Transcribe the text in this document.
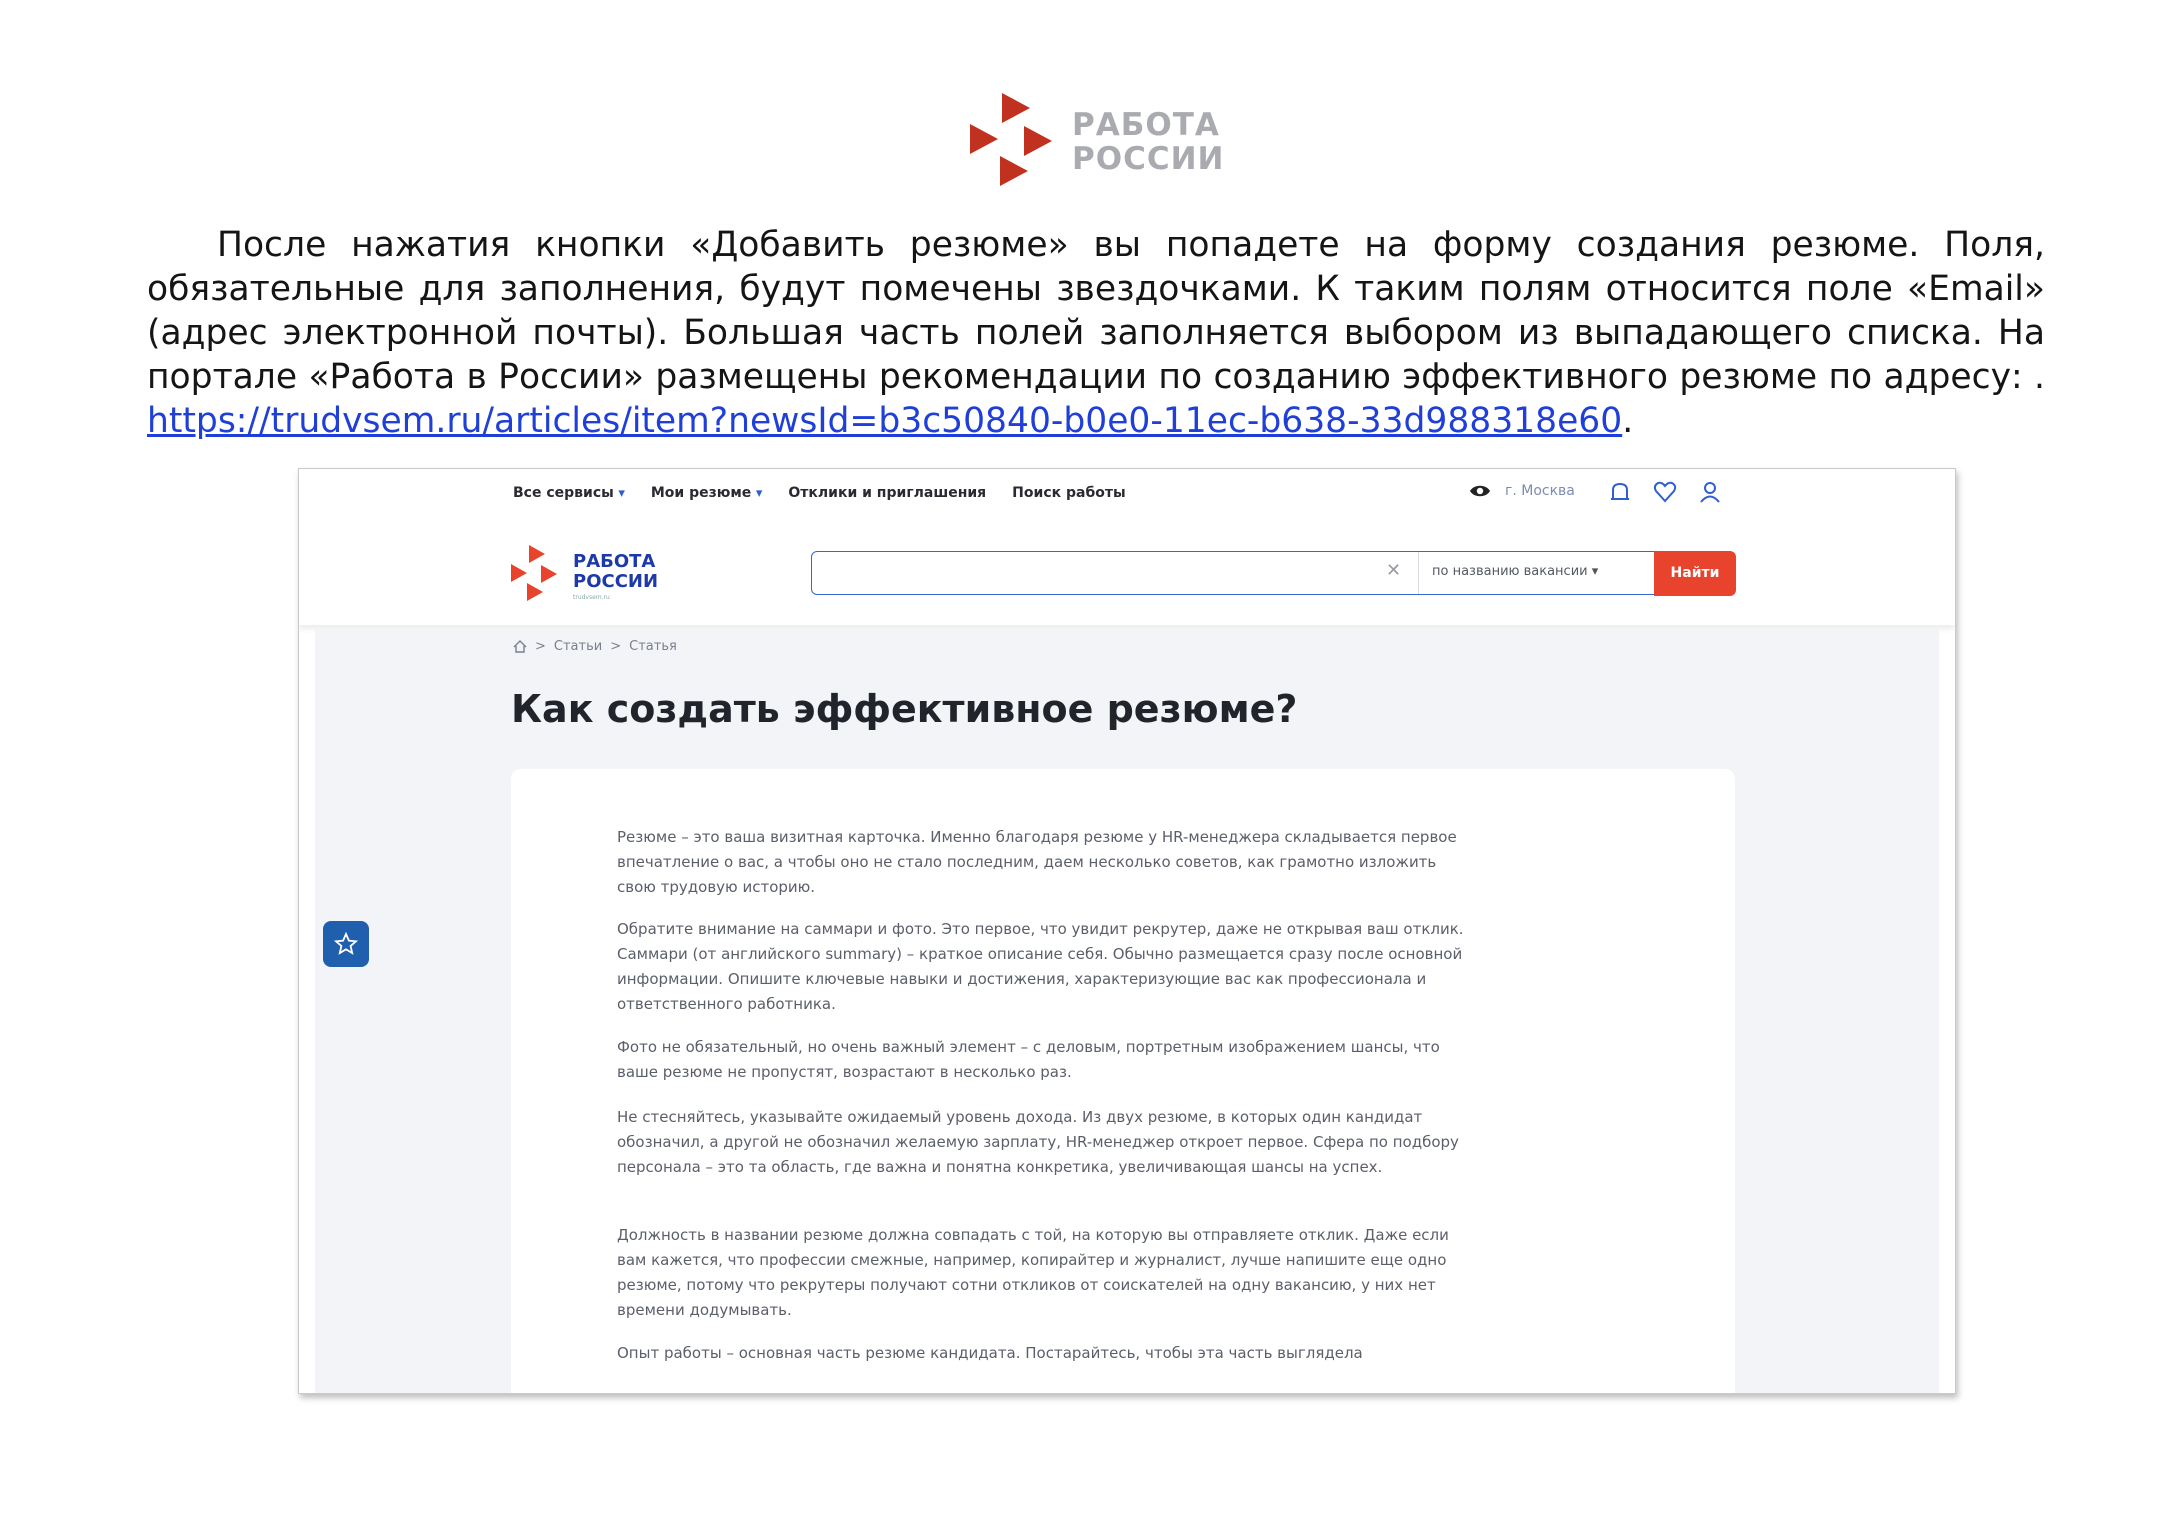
РАБОТА
РОССИИ

После нажатия кнопки «Добавить резюме» вы попадете на форму создания резюме. Поля, обязательные для заполнения, будут помечены звездочками. К таким полям относится поле «Email» (адрес электронной почты). Большая часть полей заполняется выбором из выпадающего списка. На портале «Работа в России» размещены рекомендации по созданию эффективного резюме по адресу: . https://trudvsem.ru/articles/item?newsId=b3c50840-b0e0-11ec-b638-33d988318e60.

Все сервисы ▾	Мои резюме ▾	Отклики и приглашения Поиск работы	г. Москва
РАБОТА
РОССИИ
trudvsem.ru
✕ по названию вакансии ▾	Найти
> Статьи > Статья
Как создать эффективное резюме?

Резюме – это ваша визитная карточка. Именно благодаря резюме у HR-менеджера складывается первое впечатление о вас, а чтобы оно не стало последним, даем несколько советов, как грамотно изложить свою трудовую историю.

Обратите внимание на саммари и фото. Это первое, что увидит рекрутер, даже не открывая ваш отклик. Саммари (от английского summary) – краткое описание себя. Обычно размещается сразу после основной информации. Опишите ключевые навыки и достижения, характеризующие вас как профессионала и ответственного работника.

Фото не обязательный, но очень важный элемент – с деловым, портретным изображением шансы, что ваше резюме не пропустят, возрастают в несколько раз.

Не стесняйтесь, указывайте ожидаемый уровень дохода. Из двух резюме, в которых один кандидат обозначил, а другой не обозначил желаемую зарплату, HR-менеджер откроет первое. Сфера по подбору персонала – это та область, где важна и понятна конкретика, увеличивающая шансы на успех.

Должность в названии резюме должна совпадать с той, на которую вы отправляете отклик. Даже если вам кажется, что профессии смежные, например, копирайтер и журналист, лучше напишите еще одно резюме, потому что рекрутеры получают сотни откликов от соискателей на одну вакансию, у них нет времени додумывать.

Опыт работы – основная часть резюме кандидата. Постарайтесь, чтобы эта часть выглядела
